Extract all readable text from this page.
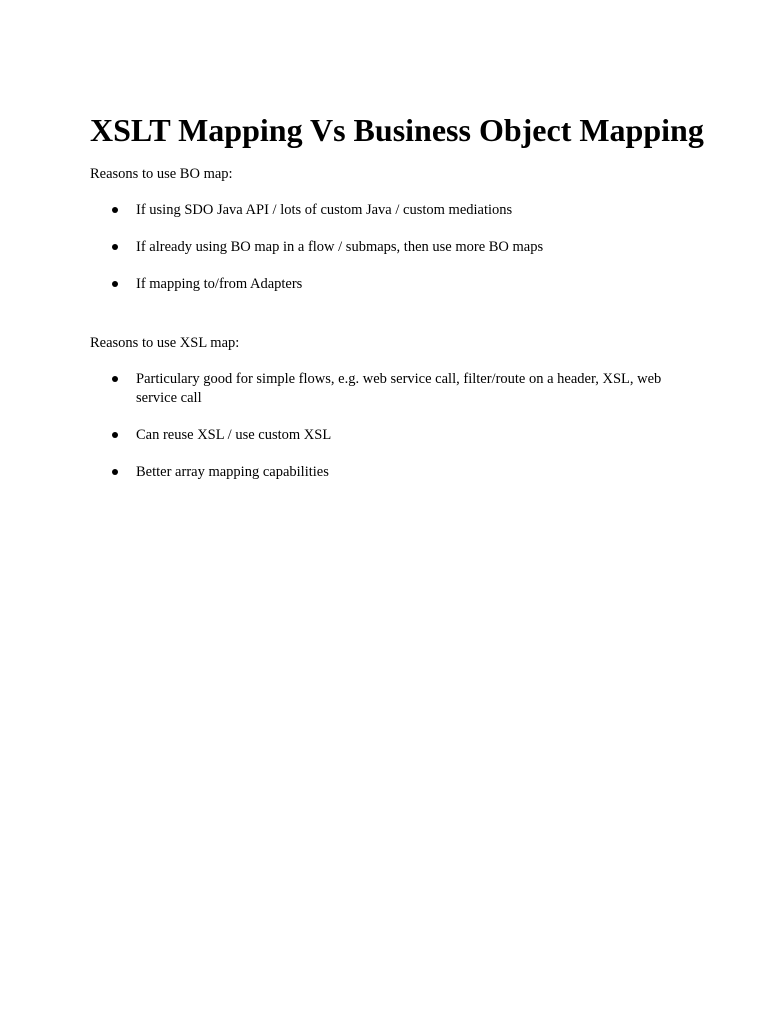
XSLT Mapping Vs Business Object Mapping

Reasons to use BO map:

If using SDO Java API / lots of custom Java / custom mediations
If already using BO map in a flow / submaps, then use more BO maps
If mapping to/from Adapters

Reasons to use XSL map:

Particulary good for simple flows, e.g. web service call, filter/route on a header, XSL, web service call
Can reuse XSL / use custom XSL
Better array mapping capabilities
